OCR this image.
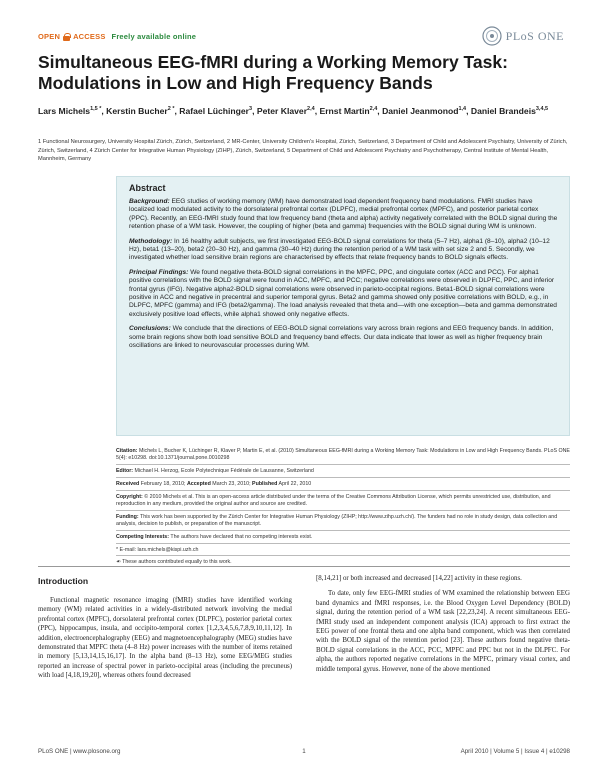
OPEN ACCESS Freely available online	PLoS ONE
Simultaneous EEG-fMRI during a Working Memory Task: Modulations in Low and High Frequency Bands
Lars Michels$^{1,5 *}$, Kerstin Bucher$^{2 *}$, Rafael Lüchinger$^3$, Peter Klaver$^{2,4}$, Ernst Martin$^{2,4}$, Daniel Jeanmonod$^{1,4}$, Daniel Brandeis$^{3,4,5}$
1 Functional Neurosurgery, University Hospital Zürich, Zürich, Switzerland, 2 MR-Center, University Children's Hospital, Zürich, Switzerland, 3 Department of Child and Adolescent Psychiatry, University of Zürich, Zürich, Switzerland, 4 Zürich Center for Integrative Human Physiology (ZIHP), Zürich, Switzerland, 5 Department of Child and Adolescent Psychiatry and Psychotherapy, Central Institute of Mental Health, Mannheim, Germany
Abstract

Background: EEG studies of working memory (WM) have demonstrated load dependent frequency band modulations. FMRI studies have localized load modulated activity to the dorsolateral prefrontal cortex (DLPFC), medial prefrontal cortex (MPFC), and posterior parietal cortex (PPC). Recently, an EEG-fMRI study found that low frequency band (theta and alpha) activity negatively correlated with the BOLD signal during the retention phase of a WM task. However, the coupling of higher (beta and gamma) frequencies with the BOLD signal during WM is unknown.

Methodology: In 16 healthy adult subjects, we first investigated EEG-BOLD signal correlations for theta (5–7 Hz), alpha1 (8–10), alpha2 (10–12 Hz), beta1 (13–20), beta2 (20–30 Hz), and gamma (30–40 Hz) during the retention period of a WM task with set size 2 and 5. Secondly, we investigated whether load sensitive brain regions are characterised by effects that relate frequency bands to BOLD signals effects.

Principal Findings: We found negative theta-BOLD signal correlations in the MPFC, PPC, and cingulate cortex (ACC and PCC). For alpha1 positive correlations with the BOLD signal were found in ACC, MPFC, and PCC; negative correlations were observed in DLPFC, PPC, and inferior frontal gyrus (IFG). Negative alpha2-BOLD signal correlations were observed in parieto-occipital regions. Beta1-BOLD signal correlations were positive in ACC and negative in precentral and superior temporal gyrus. Beta2 and gamma showed only positive correlations with BOLD, e.g., in DLPFC, MPFC (gamma) and IFG (beta2/gamma). The load analysis revealed that theta and—with one exception—beta and gamma demonstrated exclusively positive load effects, while alpha1 showed only negative effects.

Conclusions: We conclude that the directions of EEG-BOLD signal correlations vary across brain regions and EEG frequency bands. In addition, some brain regions show both load sensitive BOLD and frequency band effects. Our data indicate that lower as well as higher frequency brain oscillations are linked to neurovascular processes during WM.

Citation: Michels L, Bucher K, Lüchinger R, Klaver P, Martin E, et al. (2010) Simultaneous EEG-fMRI during a Working Memory Task: Modulations in Low and High Frequency Bands. PLoS ONE 5(4): e10298. doi:10.1371/journal.pone.0010298
Editor: Michael H. Herzog, Ecole Polytechnique Fédérale de Lausanne, Switzerland
Received February 18, 2010; Accepted March 23, 2010; Published April 22, 2010
Copyright: © 2010 Michels et al. This is an open-access article distributed under the terms of the Creative Commons Attribution License, which permits unrestricted use, distribution, and reproduction in any medium, provided the original author and source are credited.
Funding: This work has been supported by the Zürich Center for Integrative Human Physiology (ZIHP; http://www.zihp.uzh.ch/). The funders had no role in study design, data collection and analysis, decision to publish, or preparation of the manuscript.
Competing Interests: The authors have declared that no competing interests exist.
* E-mail: lars.michels@kispi.uzh.ch
☙ These authors contributed equally to this work.
Introduction

Functional magnetic resonance imaging (fMRI) studies have identified working memory (WM) related activities in a widely-distributed network involving the medial prefrontal cortex (MPFC), dorsolateral prefrontal cortex (DLPFC), posterior parietal cortex (PPC), hippocampus, insula, and occipito-temporal cortex [1,2,3,4,5,6,7,8,9,10,11,12]. In addition, electroencephalography (EEG) and magnetoencephalography (MEG) studies have demonstrated that MPFC theta (4–8 Hz) power increases with the number of items retained in memory [5,13,14,15,16,17]. In the alpha band (8–13 Hz), some EEG/MEG studies reported an increase of spectral power in parieto-occipital areas (including the precuneus) with load [4,18,19,20], whereas others found decreased

[8,14,21] or both increased and decreased [14,22] activity in these regions.

To date, only few EEG-fMRI studies of WM examined the relationship between EEG band dynamics and fMRI responses, i.e. the Blood Oxygen Level Dependency (BOLD) signal, during the retention period of a WM task [22,23,24]. A recent simultaneous EEG-fMRI study used an independent component analysis (ICA) approach to first extract the EEG power of one frontal theta and one alpha band component, which was then correlated with the BOLD signal of the retention period [23]. These authors found negative theta-BOLD signal correlations in the ACC, PCC, MPFC and PPC but not in the DLPFC. For alpha, the authors reported negative correlations in the MPFC, primary visual cortex, and middle temporal gyrus. However, none of the above mentioned

PLoS ONE | www.plosone.org	1	April 2010 | Volume 5 | Issue 4 | e10298
